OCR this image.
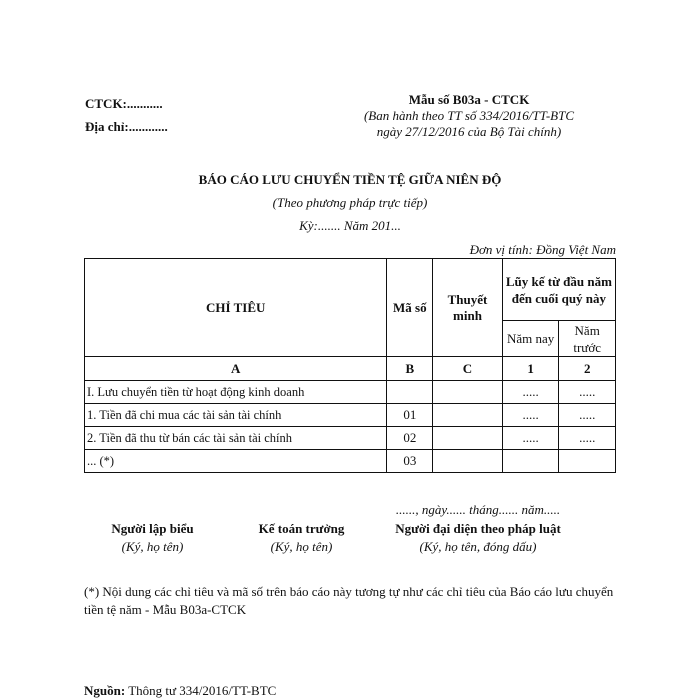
CTCK:...........
Địa chỉ:............
Mẫu số B03a - CTCK
(Ban hành theo TT số 334/2016/TT-BTC
ngày 27/12/2016 của Bộ Tài chính)
BÁO CÁO LƯU CHUYỂN TIỀN TỆ GIỮA NIÊN ĐỘ
(Theo phương pháp trực tiếp)
Kỳ:....... Năm 201...
Đơn vị tính: Đồng Việt Nam
CHỈ TIÊU	Mã số	Thuyết minh	Lũy kế từ đầu năm đến cuối quý này	
			Năm nay	Năm trước
A	B	C	1	2
I. Lưu chuyển tiền từ hoạt động kinh doanh			.....	.....
1. Tiền đã chi mua các tài sản tài chính	01		.....	.....
2. Tiền đã thu từ bán các tài sản tài chính	02		.....	.....
... (*)	03			
......, ngày...... tháng...... năm.....
Người lập biểu
(Ký, họ tên)
Kế toán trưởng
(Ký, họ tên)
Người đại diện theo pháp luật
(Ký, họ tên, đóng dấu)
(*) Nội dung các chỉ tiêu và mã số trên báo cáo này tương tự như các chỉ tiêu của Báo cáo lưu chuyển tiền tệ năm - Mẫu B03a-CTCK
Nguồn: Thông tư 334/2016/TT-BTC
